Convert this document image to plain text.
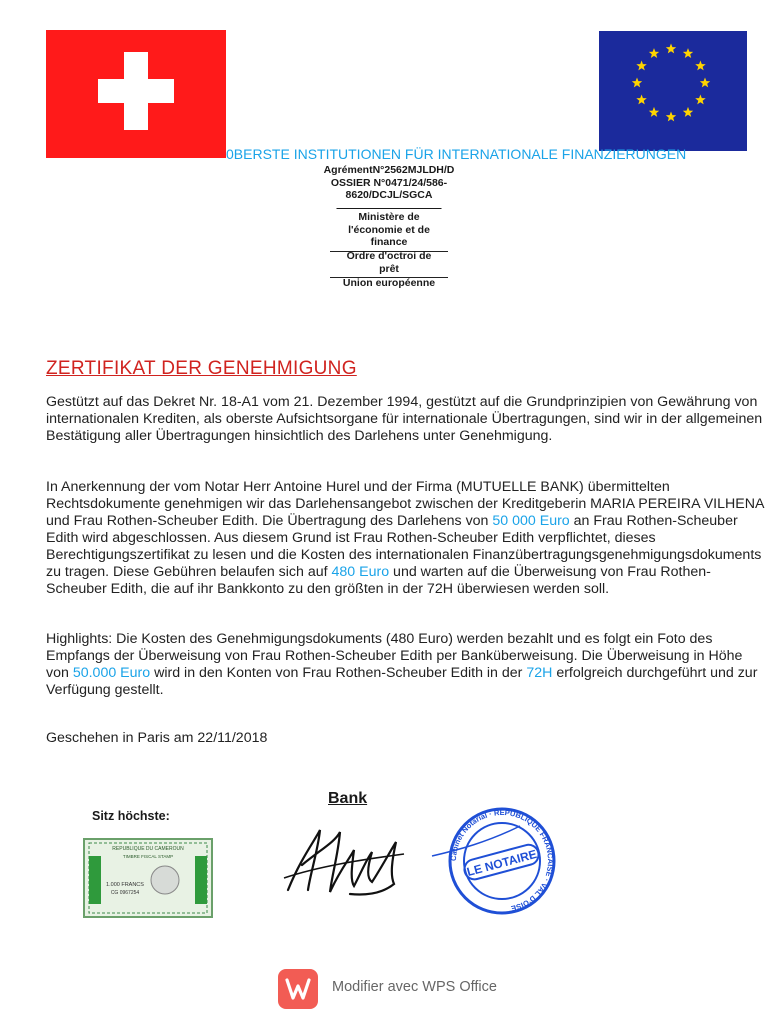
0BERSTE INSTITUTIONEN FÜR INTERNATIONALE FINANZIERUNGEN
AgrémentN°2562MJLDH/D
OSSIER N°0471/24/586-
8620/DCJL/SGCA
——————————
Ministère de
l'économie et de
finance
Ordre d'octroi de
prêt
Union européenne
ZERTIFIKAT DER GENEHMIGUNG
Gestützt auf das Dekret Nr. 18-A1 vom 21. Dezember 1994, gestützt auf die Grundprinzipien von Gewährung von internationalen Krediten, als oberste Aufsichtsorgane für internationale Übertragungen, sind wir in der allgemeinen Bestätigung aller Übertragungen hinsichtlich des Darlehens unter Genehmigung.
In Anerkennung der vom Notar Herr Antoine Hurel und der Firma (MUTUELLE BANK) übermittelten Rechtsdokumente genehmigen wir das Darlehensangebot zwischen der Kreditgeberin MARIA PEREIRA VILHENA und Frau Rothen-Scheuber Edith. Die Übertragung des Darlehens von 50 000 Euro an Frau Rothen-Scheuber Edith wird abgeschlossen. Aus diesem Grund ist Frau Rothen-Scheuber Edith verpflichtet, dieses Berechtigungszertifikat zu lesen und die Kosten des internationalen Finanzübertragungsgenehmigungsdokuments zu tragen. Diese Gebühren belaufen sich auf 480 Euro und warten auf die Überweisung von Frau Rothen-Scheuber Edith, die auf ihr Bankkonto zu den größten in der 72H überwiesen werden soll.
Highlights: Die Kosten des Genehmigungsdokuments (480 Euro) werden bezahlt und es folgt ein Foto des Empfangs der Überweisung von Frau Rothen-Scheuber Edith per Banküberweisung. Die Überweisung in Höhe von 50.000 Euro wird in den Konten von Frau Rothen-Scheuber Edith in der 72H erfolgreich durchgeführt und zur Verfügung gestellt.
Geschehen in Paris am 22/11/2018
Bank
Sitz höchste:
REPUBLIQUE DU CAMEROUN
TIMBRE FISCAL STAMP
1.000 FRANCS
CG 0967254
Cabinet Notarial · REPUBLIQUE FRANCAISE · VAL D'OISE
LE NOTAIRE
Modifier avec WPS Office
